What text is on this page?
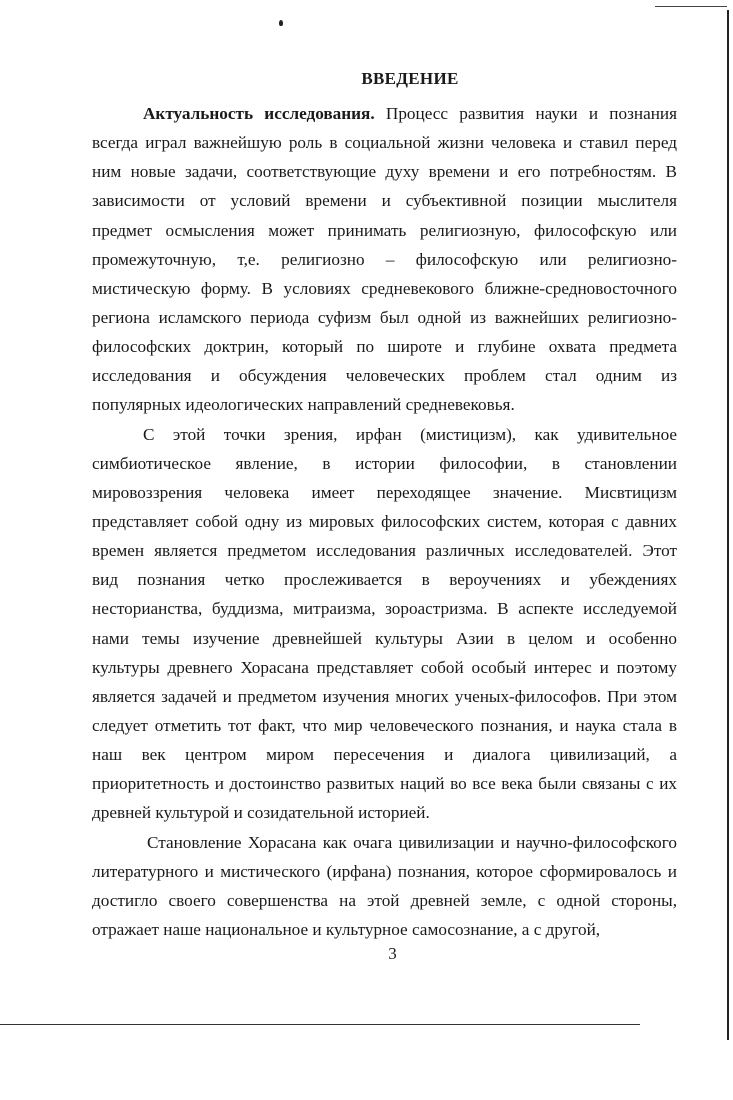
ВВЕДЕНИЕ
Актуальность исследования. Процесс развития науки и познания
всегда играл важнейшую роль в социальной жизни человека и ставил перед
ним новые задачи, соответствующие духу времени и его потребностям. В
зависимости от условий времени и субъективной позиции мыслителя
предмет осмысления может принимать религиозную, философскую или
промежуточную, т,е. религиозно – философскую или религиозно-
мистическую форму. В условиях средневекового ближне-средновосточного
региона исламского периода суфизм был одной из важнейших религиозно-
философских доктрин, который по широте и глубине охвата предмета
исследования и обсуждения человеческих проблем стал одним из
популярных идеологических направлений средневековья.
С этой точки зрения, ирфан (мистицизм), как удивительное
симбиотическое явление, в истории философии, в становлении
мировоззрения человека имеет переходящее значение. Мисвтицизм
представляет собой одну из мировых философских систем, которая с давних
времен является предметом исследования различных исследователей. Этот
вид познания четко прослеживается в вероучениях и убеждениях
несторианства, буддизма, митраизма, зороастризма. В аспекте исследуемой
нами темы изучение древнейшей культуры Азии в целом и особенно
культуры древнего Хорасана представляет собой особый интерес и поэтому
является задачей и предметом изучения многих ученых-философов. При этом
следует отметить тот факт, что мир человеческого познания, и наука стала в
наш век центром миром пересечения и диалога цивилизаций, а
приоритетность и достоинство развитых наций во все века были связаны с их
древней культурой и созидательной историей.
Становление Хорасана как очага цивилизации и научно-философского
литературного и мистического (ирфана) познания, которое сформировалось и
достигло своего совершенства на этой древней земле, с одной стороны,
отражает наше национальное и культурное самосознание, а с другой,
3
